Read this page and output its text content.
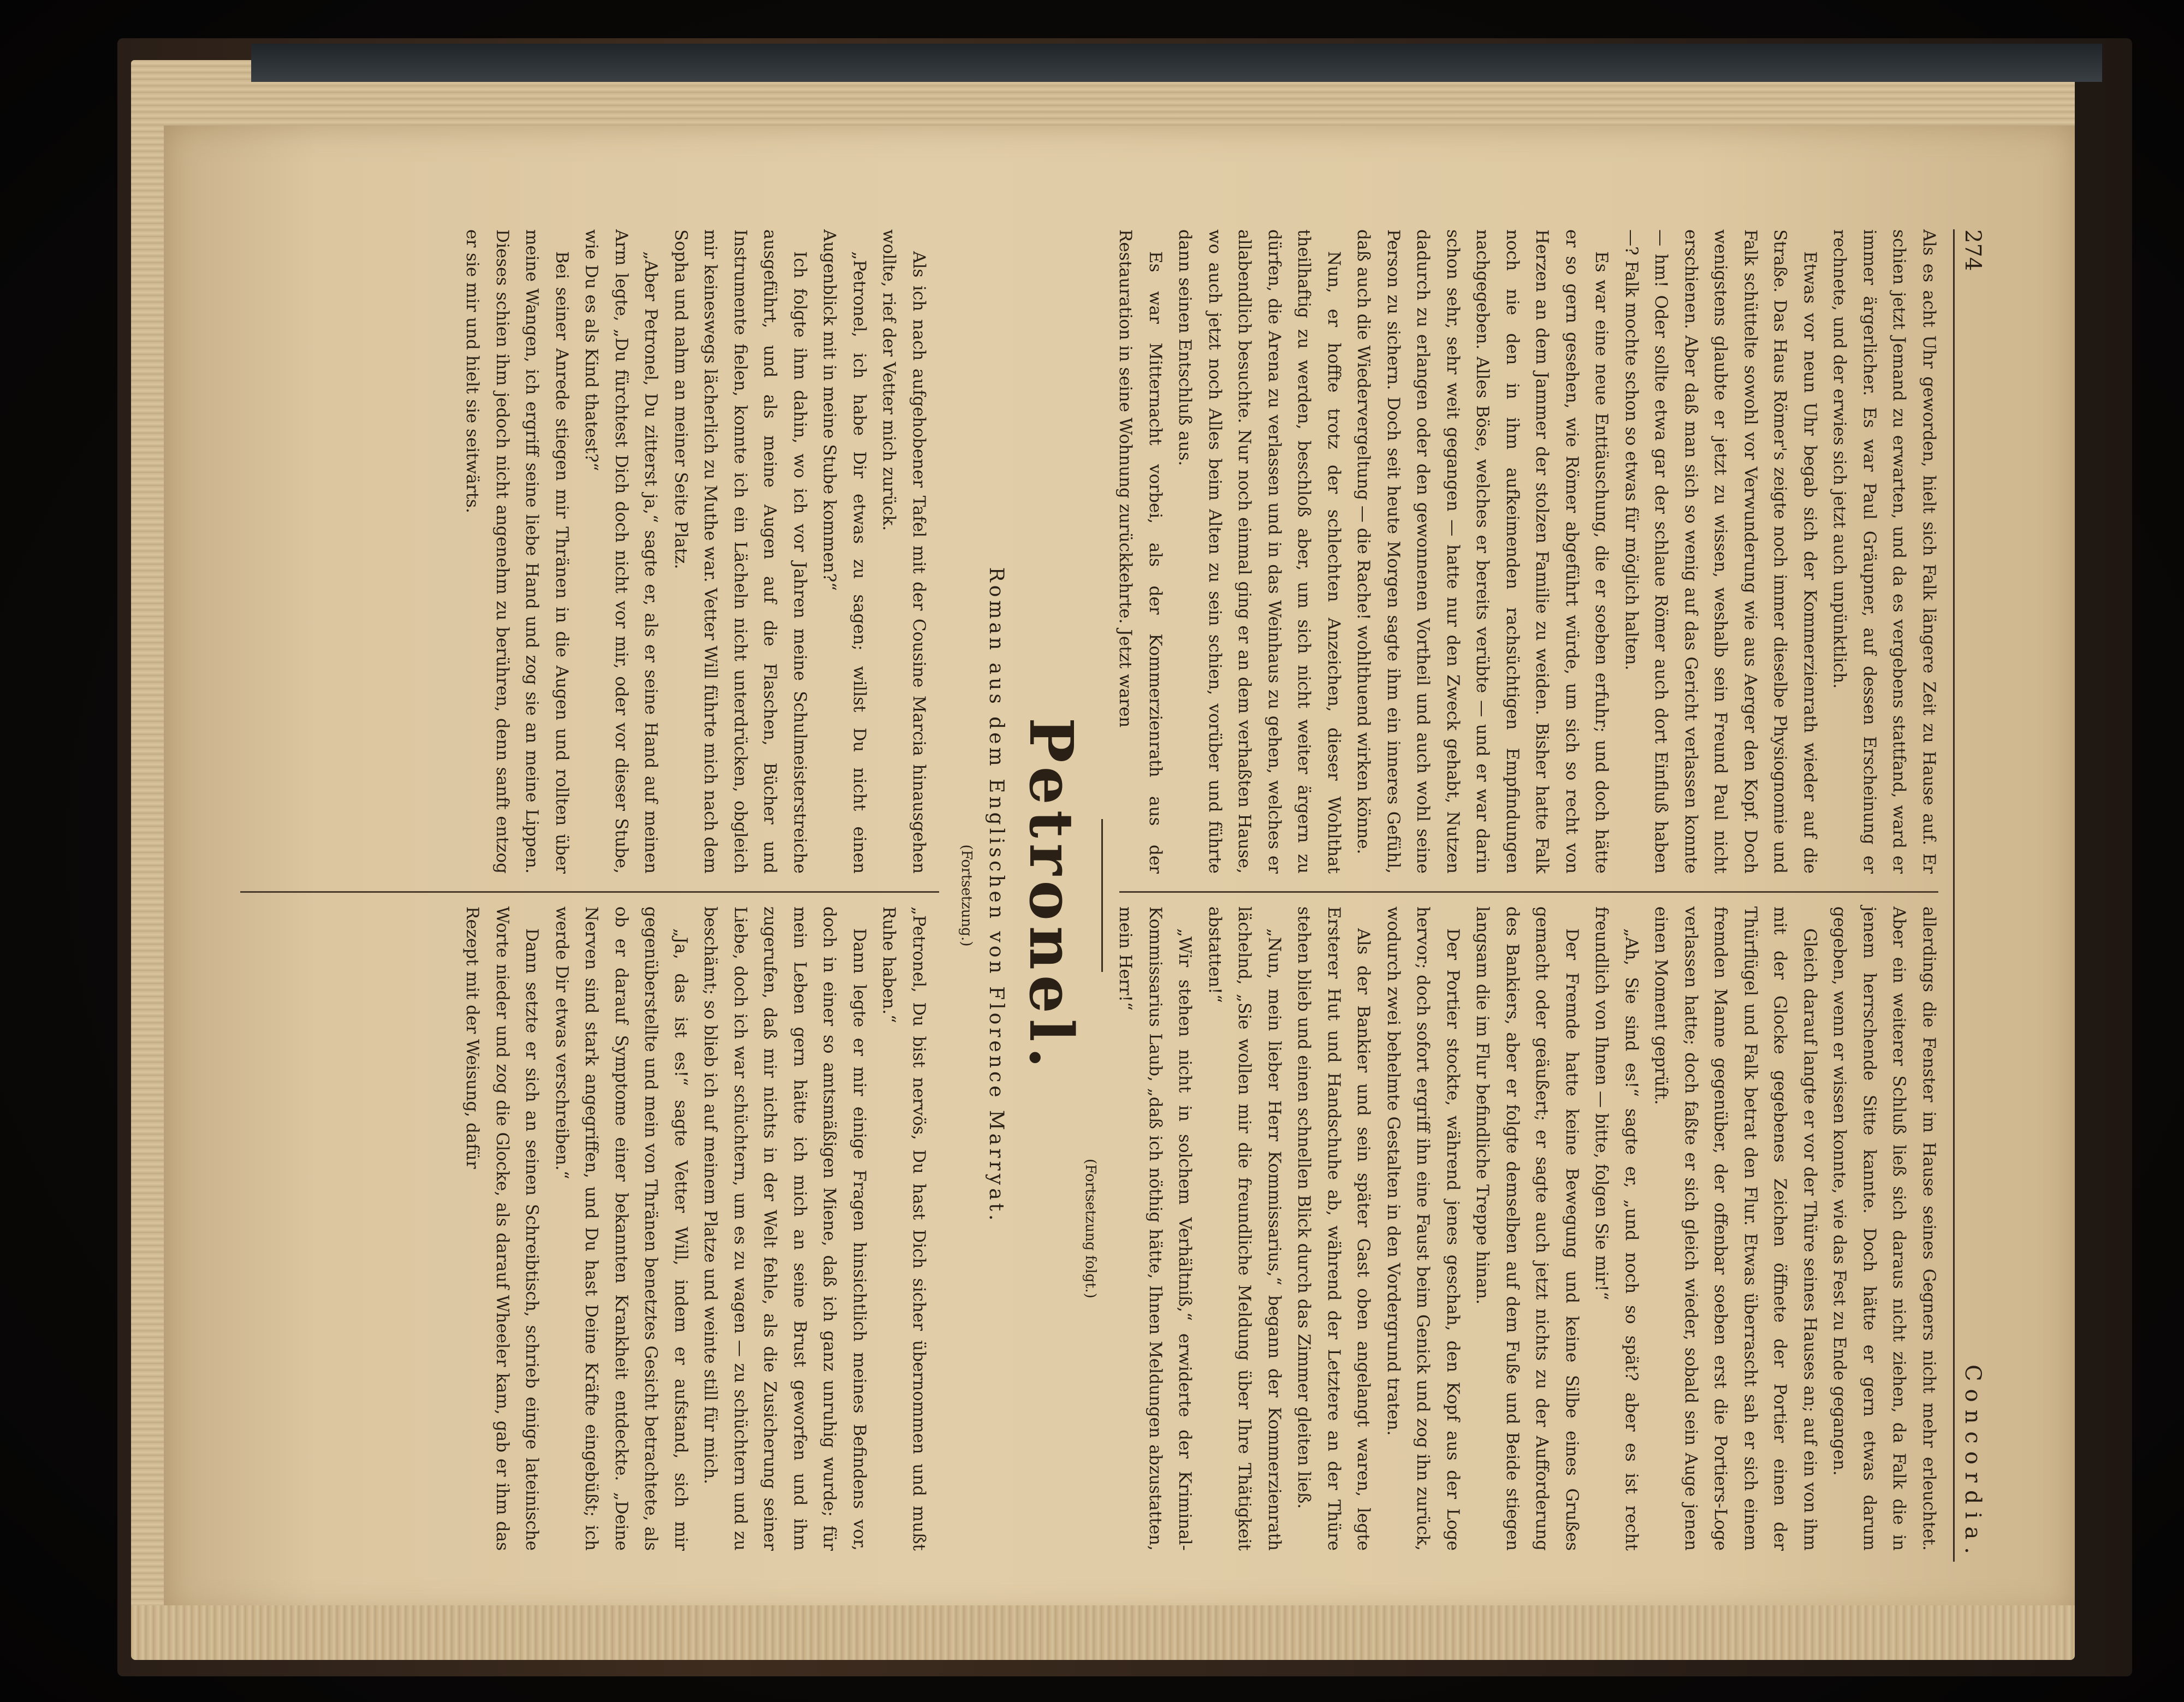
274
Concordia.

Als es acht Uhr geworden, hielt sich Falk längere Zeit zu Hause auf. Er schien jetzt Jemand zu erwarten, und da es vergebens stattfand, ward er immer ärgerlicher. Es war Paul Gräupner, auf dessen Erscheinung er rechnete, und der erwies sich jetzt auch unpünktlich.

Etwas vor neun Uhr begab sich der Kommerzienrath wieder auf die Straße. Das Haus Römer's zeigte noch immer dieselbe Physiognomie und Falk schüttelte sowohl vor Verwunderung wie aus Aerger den Kopf. Doch wenigstens glaubte er jetzt zu wissen, weshalb sein Freund Paul nicht erschienen. Aber daß man sich so wenig auf das Gericht verlassen konnte — hm! Oder sollte etwa gar der schlaue Römer auch dort Einfluß haben —? Falk mochte schon so etwas für möglich halten.

Es war eine neue Enttäuschung, die er soeben erfuhr; und doch hätte er so gern gesehen, wie Römer abgeführt würde, um sich so recht von Herzen an dem Jammer der stolzen Familie zu weiden. Bisher hatte Falk noch nie den in ihm aufkeimenden rachsüchtigen Empfindungen nachgegeben. Alles Böse, welches er bereits verübte — und er war darin schon sehr, sehr weit gegangen — hatte nur den Zweck gehabt, Nutzen dadurch zu erlangen oder den gewonnenen Vortheil und auch wohl seine Person zu sichern. Doch seit heute Morgen sagte ihm ein inneres Gefühl, daß auch die Wiedervergeltung — die Rache! wohlthuend wirken könne.

Nun, er hoffte trotz der schlechten Anzeichen, dieser Wohlthat theilhaftig zu werden, beschloß aber, um sich nicht weiter ärgern zu dürfen, die Arena zu verlassen und in das Weinhaus zu gehen, welches er allabendlich besuchte. Nur noch einmal ging er an dem verhaßten Hause, wo auch jetzt noch Alles beim Alten zu sein schien, vorüber und führte dann seinen Entschluß aus.

Es war Mitternacht vorbei, als der Kommerzienrath aus der Restauration in seine Wohnung zurückkehrte. Jetzt waren

allerdings die Fenster im Hause seines Gegners nicht mehr erleuchtet. Aber ein weiterer Schluß ließ sich daraus nicht ziehen, da Falk die in jenem herrschende Sitte kannte. Doch hätte er gern etwas darum gegeben, wenn er wissen konnte, wie das Fest zu Ende gegangen.

Gleich darauf langte er vor der Thüre seines Hauses an; auf ein von ihm mit der Glocke gegebenes Zeichen öffnete der Portier einen der Thürflügel und Falk betrat den Flur. Etwas überrascht sah er sich einem fremden Manne gegenüber, der offenbar soeben erst die Portiers-Loge verlassen hatte; doch faßte er sich gleich wieder, sobald sein Auge jenen einen Moment geprüft.

„Ah, Sie sind es!“ sagte er, „und noch so spät? aber es ist recht freundlich von Ihnen — bitte, folgen Sie mir!“

Der Fremde hatte keine Bewegung und keine Silbe eines Grußes gemacht oder geäußert; er sagte auch jetzt nichts zu der Aufforderung des Bankiers, aber er folgte demselben auf dem Fuße und Beide stiegen langsam die im Flur befindliche Treppe hinan.

Der Portier stockte, während jenes geschah, den Kopf aus der Loge hervor; doch sofort ergriff ihn eine Faust beim Genick und zog ihn zurück, wodurch zwei behelmte Gestalten in den Vordergrund traten.

Als der Bankier und sein später Gast oben angelangt waren, legte Ersterer Hut und Handschuhe ab, während der Letztere an der Thüre stehen blieb und einen schnellen Blick durch das Zimmer gleiten ließ.

„Nun, mein lieber Herr Kommissarius,“ begann der Kommerzienrath lächelnd, „Sie wollen mir die freundliche Meldung über Ihre Thätigkeit abstatten!“

„Wir stehen nicht in solchem Verhältniß,“ erwiderte der Kriminal-Kommissarius Laub, „daß ich nöthig hätte, Ihnen Meldungen abzustatten, mein Herr!“

(Fortsetzung folgt.)
Petronel.
Roman aus dem Englischen von Florence Marryat.
(Fortsetzung.)

Als ich nach aufgehobener Tafel mit der Cousine Marcia hinausgehen wollte, rief der Vetter mich zurück.

„Petronel, ich habe Dir etwas zu sagen; willst Du nicht einen Augenblick mit in meine Stube kommen?“

Ich folgte ihm dahin, wo ich vor Jahren meine Schulmeisterstreiche ausgeführt, und als meine Augen auf die Flaschen, Bücher und Instrumente fielen, konnte ich ein Lächeln nicht unterdrücken, obgleich mir keineswegs lächerlich zu Muthe war. Vetter Will führte mich nach dem Sopha und nahm an meiner Seite Platz.

„Aber Petronel, Du zitterst ja,“ sagte er, als er seine Hand auf meinen Arm legte, „Du fürchtest Dich doch nicht vor mir, oder vor dieser Stube, wie Du es als Kind thatest?“

Bei seiner Anrede stiegen mir Thränen in die Augen und rollten über meine Wangen, ich ergriff seine liebe Hand und zog sie an meine Lippen. Dieses schien ihm jedoch nicht angenehm zu berühren, denn sanft entzog er sie mir und hielt sie seitwärts.

„Petronel, Du bist nervös, Du hast Dich sicher übernommen und mußt Ruhe haben.“

Dann legte er mir einige Fragen hinsichtlich meines Befindens vor, doch in einer so amtsmäßigen Miene, daß ich ganz unruhig wurde; für mein Leben gern hätte ich mich an seine Brust geworfen und ihm zugerufen, daß mir nichts in der Welt fehle, als die Zusicherung seiner Liebe, doch ich war schüchtern, um es zu wagen — zu schüchtern und zu beschämt; so blieb ich auf meinem Platze und weinte still für mich.

„Ja, das ist es!“ sagte Vetter Will, indem er aufstand, sich mir gegenüberstellte und mein von Thränen benetztes Gesicht betrachtete, als ob er darauf Symptome einer bekannten Krankheit entdeckte. „Deine Nerven sind stark angegriffen, und Du hast Deine Kräfte eingebüßt; ich werde Dir etwas verschreiben.“

Dann setzte er sich an seinen Schreibtisch, schrieb einige lateinische Worte nieder und zog die Glocke, als darauf Wheeler kam, gab er ihm das Rezept mit der Weisung, dafür
